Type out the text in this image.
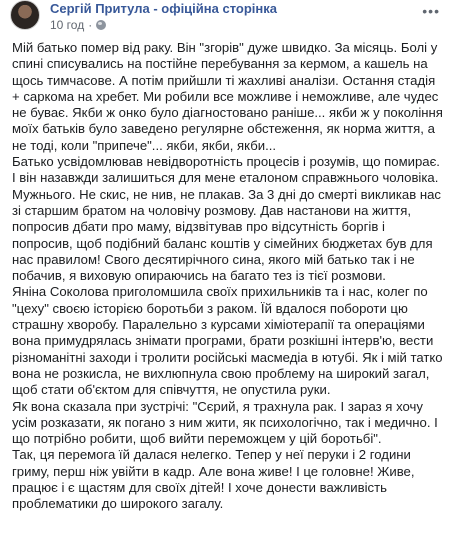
Сергій Притула - офіційна сторінка
10 год ·
•••

Мій батько помер від раку. Він "згорів" дуже швидко. За місяць. Болі у спині списувались на постійне перебування за кермом, а кашель на щось тимчасове. А потім прийшли ті жахливі аналізи. Остання стадія + саркома на хребет. Ми робили все можливе і неможливе, але чудес не буває. Якби ж онко було діагностовано раніше... якби ж у покоління моїх батьків було заведено регулярне обстеження, як норма життя, а не тоді, коли "припече"... якби, якби, якби...

Батько усвідомлював невідворотність процесів і розумів, що помирає. І він назавжди залишиться для мене еталоном справжнього чоловіка. Мужнього. Не скис, не нив, не плакав. За 3 дні до смерті викликав нас зі старшим братом на чоловічу розмову. Дав настанови на життя, попросив дбати про маму, відзвітував про відсутність боргів і попросив, щоб подібний баланс коштів у сімейних бюджетах був для нас правилом! Свого десятирічного сина, якого мій батько так і не побачив, я виховую опираючись на багато тез із тієї розмови.

Яніна Соколова приголомшила своїх прихильників та і нас, колег по "цеху" своєю історією боротьби з раком. Їй вдалося побороти цю страшну хворобу. Паралельно з курсами хіміотерапії та операціями вона примудрялась знімати програми, брати розкішні інтерв'ю, вести різноманітні заходи і тролити російські масмедіа в ютубі. Як і мій татко вона не розкисла, не вихлюпнула свою проблему на широкий загал, щоб стати об'єктом для співчуття, не опустила руки.

Як вона сказала при зустрічі: "Сєрий, я трахнула рак. І зараз я хочу усім розказати, як погано з ним жити, як психологічно, так і медично. І що потрібно робити, щоб вийти переможцем у цій боротьбі".

Так, ця перемога їй далася нелегко. Тепер у неї перуки і 2 години гриму, перш ніж увійти в кадр. Але вона живе! І це головне! Живе, працює і є щастям для своїх дітей! І хоче донести важливість проблематики до широкого загалу.
